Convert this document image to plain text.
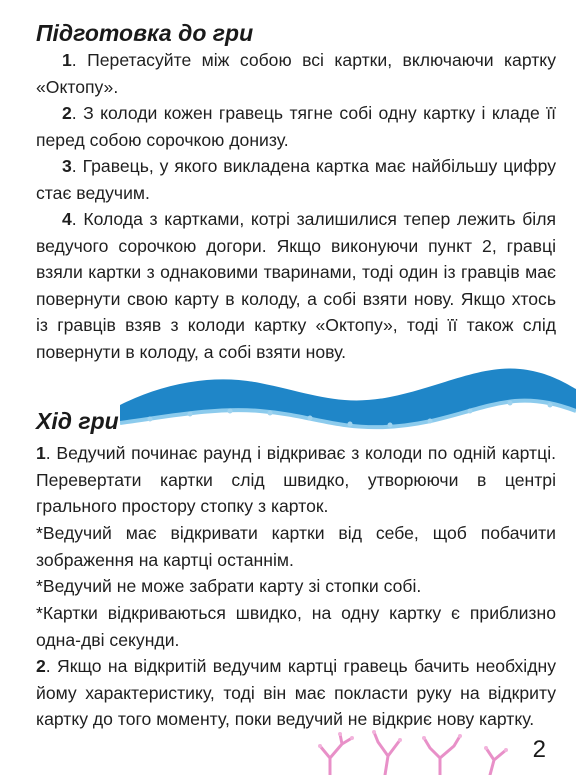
Підготовка до гри

1. Перетасуйте між собою всі картки, включаючи картку «Октопу».

2. З колоди кожен гравець тягне собі одну картку і кладе її перед собою сорочкою донизу.

3. Гравець, у якого викладена картка має найбільшу цифру стає ведучим.

4. Колода з картками, котрі залишилися тепер лежить біля ведучого сорочкою догори. Якщо виконуючи пункт 2, гравці взяли картки з однаковими тваринами, тоді один із гравців має повернути свою карту в колоду, а собі взяти нову. Якщо хтось із гравців взяв з колоди картку «Октопу», тоді її також слід повернути в колоду, а собі взяти нову.

Хід гри

1. Ведучий починає раунд і відкриває з колоди по одній картці. Перевертати картки слід швидко, утворюючи в центрі грального простору стопку з карток.

*Ведучий має відкривати картки від себе, щоб побачити зображення на картці останнім.

*Ведучий не може забрати карту зі стопки собі.

*Картки відкриваються швидко, на одну картку є приблизно одна-дві секунди.

2. Якщо на відкритій ведучим картці гравець бачить необхідну йому характеристику, тоді він має покласти руку на відкриту картку до того моменту, поки ведучий не відкриє нову картку.

2
